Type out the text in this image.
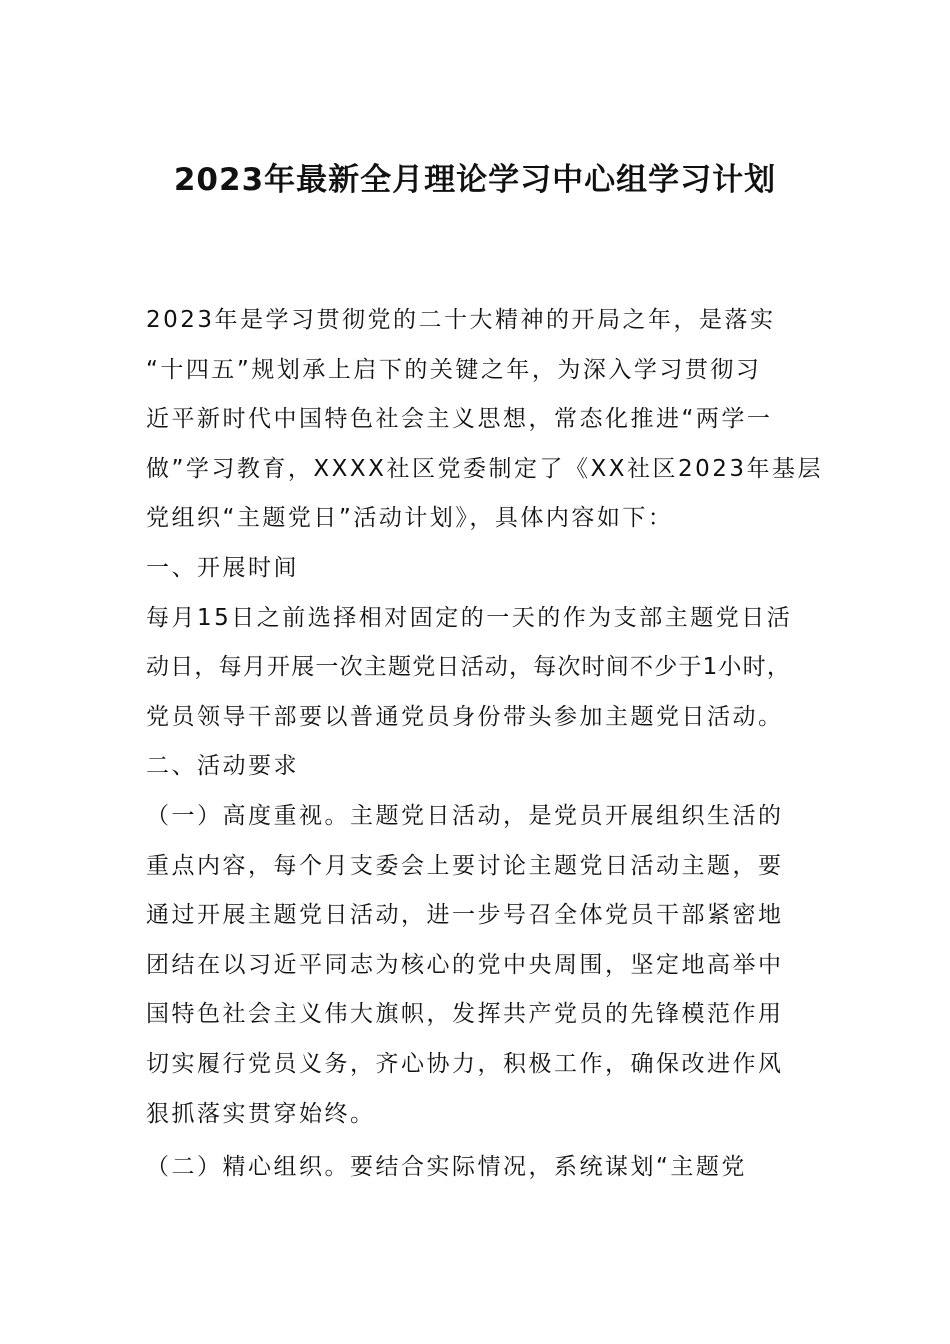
2023年最新全月理论学习中心组学习计划
2023年是学习贯彻党的二十大精神的开局之年，是落实
“十四五”规划承上启下的关键之年，为深入学习贯彻习
近平新时代中国特色社会主义思想，常态化推进“两学一
做”学习教育，XXXX社区党委制定了《XX社区2023年基层
党组织“主题党日”活动计划》，具体内容如下：
一、开展时间
每月15日之前选择相对固定的一天的作为支部主题党日活
动日，每月开展一次主题党日活动，每次时间不少于1小时，
党员领导干部要以普通党员身份带头参加主题党日活动。
二、活动要求
（一）高度重视。主题党日活动，是党员开展组织生活的
重点内容，每个月支委会上要讨论主题党日活动主题，要
通过开展主题党日活动，进一步号召全体党员干部紧密地
团结在以习近平同志为核心的党中央周围，坚定地高举中
国特色社会主义伟大旗帜，发挥共产党员的先锋模范作用
切实履行党员义务，齐心协力，积极工作，确保改进作风
狠抓落实贯穿始终。
（二）精心组织。要结合实际情况，系统谋划“主题党
